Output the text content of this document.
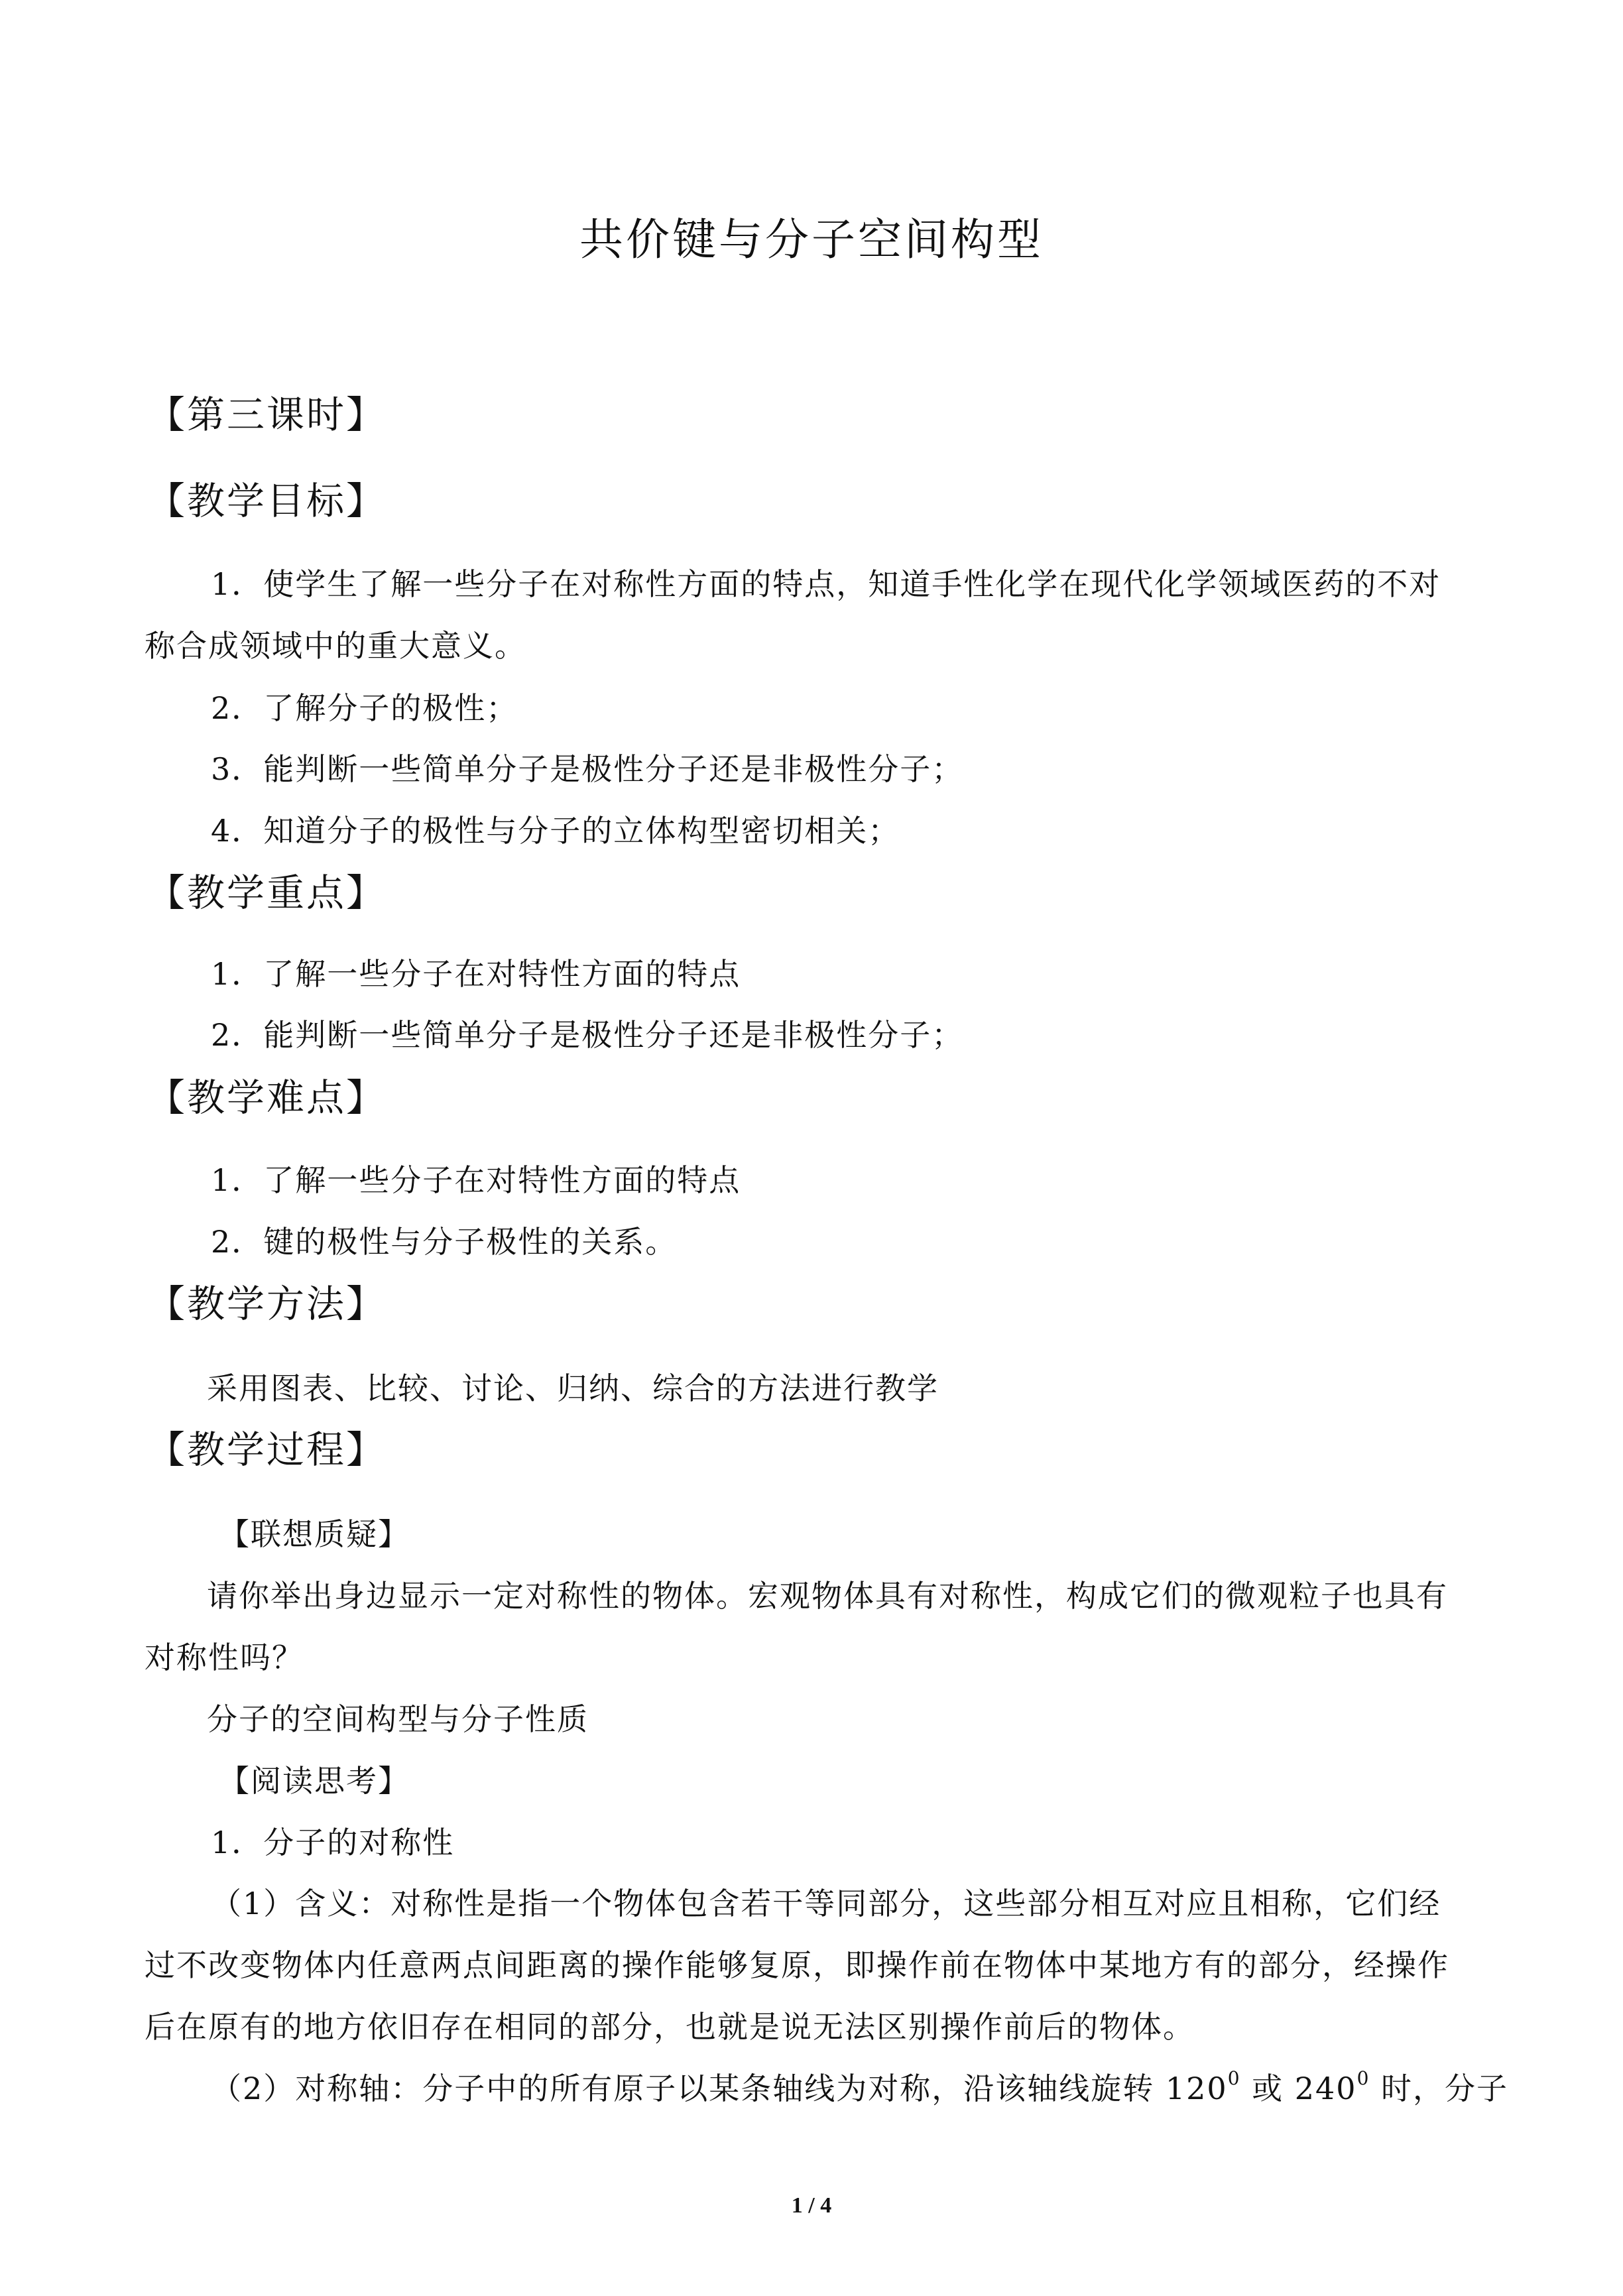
共价键与分子空间构型
【第三课时】
【教学目标】
1．使学生了解一些分子在对称性方面的特点，知道手性化学在现代化学领域医药的不对
称合成领域中的重大意义。
2．了解分子的极性；
3．能判断一些简单分子是极性分子还是非极性分子；
4．知道分子的极性与分子的立体构型密切相关；
【教学重点】
1．了解一些分子在对特性方面的特点
2．能判断一些简单分子是极性分子还是非极性分子；
【教学难点】
1．了解一些分子在对特性方面的特点
2．键的极性与分子极性的关系。
【教学方法】
采用图表、比较、讨论、归纳、综合的方法进行教学
【教学过程】
【联想质疑】
请你举出身边显示一定对称性的物体。宏观物体具有对称性，构成它们的微观粒子也具有
对称性吗？
分子的空间构型与分子性质
【阅读思考】
1．分子的对称性
（1）含义：对称性是指一个物体包含若干等同部分，这些部分相互对应且相称，它们经
过不改变物体内任意两点间距离的操作能够复原，即操作前在物体中某地方有的部分，经操作
后在原有的地方依旧存在相同的部分，也就是说无法区别操作前后的物体。
（2）对称轴：分子中的所有原子以某条轴线为对称，沿该轴线旋转 $120^0$ 或 $240^0$ 时，分子
1 / 4
